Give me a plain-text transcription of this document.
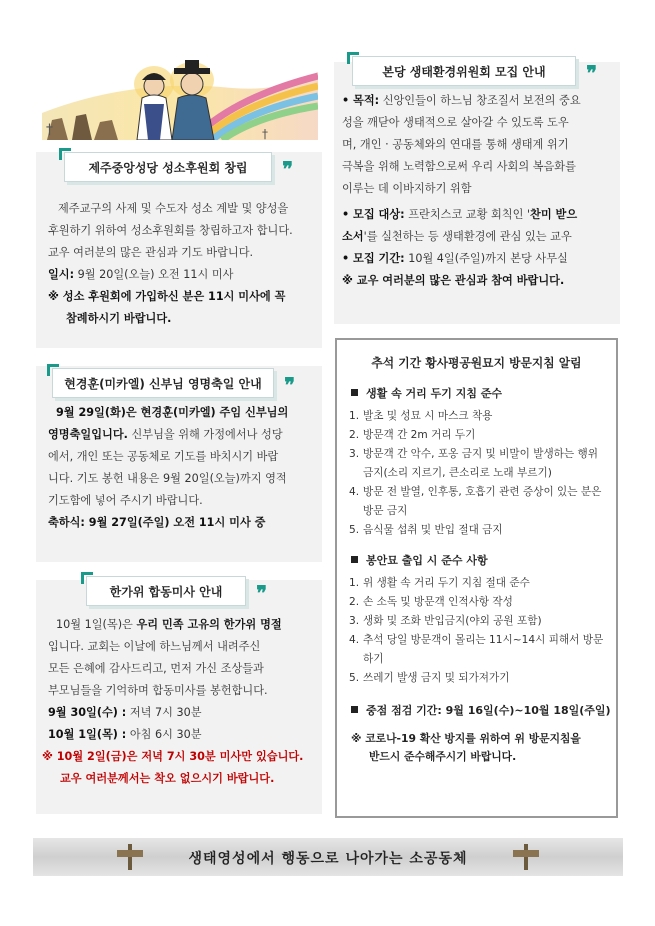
†	†
제주교구의 사제 및 수도자 성소 계발 및 양성을
후원하기 위하여 성소후원회를 창립하고자 합니다.
교우 여러분의 많은 관심과 기도 바랍니다.
일시: 9월 20일(오늘) 오전 11시 미사
※ 성소 후원회에 가입하신 분은 11시 미사에 꼭
참례하시기 바랍니다.
제주중앙성당 성소후원회 창립 ❞
9월 29일(화)은 현경훈(미카엘) 주임 신부님의
영명축일입니다. 신부님을 위해 가정에서나 성당
에서, 개인 또는 공동체로 기도를 바치시기 바랍
니다. 기도 봉헌 내용은 9월 20일(오늘)까지 영적
기도함에 넣어 주시기 바랍니다.
축하식: 9월 27일(주일) 오전 11시 미사 중
현경훈(미카엘) 신부님 영명축일 안내 ❞
10월 1일(목)은 우리 민족 고유의 한가위 명절
입니다. 교회는 이날에 하느님께서 내려주신
모든 은혜에 감사드리고, 먼저 가신 조상들과
부모님들을 기억하며 합동미사를 봉헌합니다.
9월 30일(수) : 저녁 7시 30분
10월 1일(목) : 아침 6시 30분
※ 10월 2일(금)은 저녁 7시 30분 미사만 있습니다.
교우 여러분께서는 착오 없으시기 바랍니다.
한가위 합동미사 안내 ❞
• 목적: 신앙인들이 하느님 창조질서 보전의 중요
성을 깨닫아 생태적으로 살아갈 수 있도록 도우
며, 개인 · 공동체와의 연대를 통해 생태계 위기
극복을 위해 노력함으로써 우리 사회의 복음화를
이루는 데 이바지하기 위함
• 모집 대상: 프란치스코 교황 회칙인 '찬미 받으
소서'를 실천하는 등 생태환경에 관심 있는 교우
• 모집 기간: 10월 4일(주일)까지 본당 사무실
※ 교우 여러분의 많은 관심과 참여 바랍니다.
본당 생태환경위원회 모집 안내 ❞
추석 기간 황사평공원묘지 방문지침 알림
생활 속 거리 두기 지침 준수
1. 발초 및 성묘 시 마스크 착용
2. 방문객 간 2m 거리 두기
3. 방문객 간 악수, 포옹 금지 및 비말이 발생하는 행위 금지(소리 지르기, 큰소리로 노래 부르기)
4. 방문 전 발열, 인후통, 호흡기 관련 증상이 있는 분은 방문 금지
5. 음식물 섭취 및 반입 절대 금지
봉안묘 출입 시 준수 사항
1. 위 생활 속 거리 두기 지침 절대 준수
2. 손 소독 및 방문객 인적사항 작성
3. 생화 및 조화 반입금지(야외 공원 포함)
4. 추석 당일 방문객이 몰리는 11시~14시 피해서 방문하기
5. 쓰레기 발생 금지 및 되가져가기
중점 점검 기간: 9월 16일(수)~10월 18일(주일)
※ 코로나-19 확산 방지를 위하여 위 방문지침을
반드시 준수해주시기 바랍니다.
생태영성에서 행동으로 나아가는 소공동체
